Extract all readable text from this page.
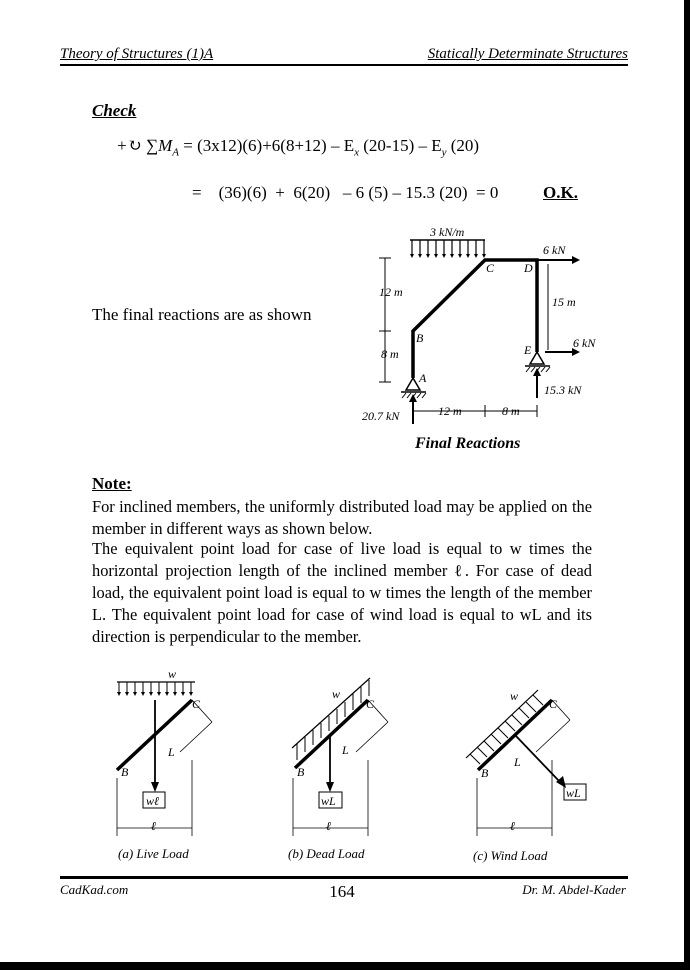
Theory of Structures (1)A	Statically Determinate Structures
Check
+↻ $\sum M_A = (3x12)(6)+6(8+12) - E_x$ $(20-15) - E_y$ (20)
=    (36)(6)  +  6(20)   – 6 (5) – 15.3 (20)  = 0	O.K.
The final reactions are as shown
3 kN/m
6 kN
12 m
8 m
15 m
A
B
C D
E	6 kN
15.3 kN
20.7 kN	12 m	8 m
Final Reactions
Note:
For inclined members, the uniformly distributed load may be applied on the member in different ways as shown below.
The equivalent point load for case of live load is equal to w times the horizontal projection length of the inclined member ℓ. For case of dead load, the equivalent point load is equal to w times the length of the member L. The equivalent point load for case of wind load is equal to wL and its direction is perpendicular to the member.
w
B
C
L
wℓ
ℓ
w
B
C
L
wL
ℓ
w
B
C
L
wL
ℓ
(a) Live Load	(b) Dead Load	(c) Wind Load
CadKad.com	164	Dr. M. Abdel-Kader
